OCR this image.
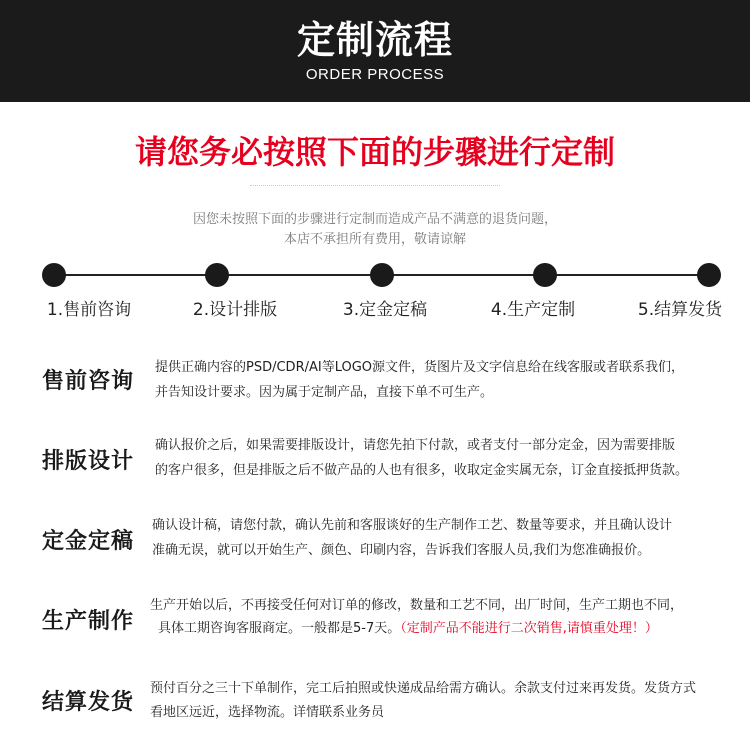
定制流程
ORDER PROCESS
请您务必按照下面的步骤进行定制
因您未按照下面的步骤进行定制而造成产品不满意的退货问题，
本店不承担所有费用，敬请谅解
1.售前咨询	2.设计排版	3.定金定稿	4.生产定制	5.结算发货
售前咨询
提供正确内容的PSD/CDR/AI等LOGO源文件，货图片及文字信息给在线客服或者联系我们，
并告知设计要求。因为属于定制产品，直接下单不可生产。
排版设计
确认报价之后，如果需要排版设计，请您先拍下付款，或者支付一部分定金，因为需要排版
的客户很多，但是排版之后不做产品的人也有很多，收取定金实属无奈，订金直接抵押货款。
定金定稿
确认设计稿，请您付款，确认先前和客服谈好的生产制作工艺、数量等要求，并且确认设计
准确无误，就可以开始生产、颜色、印刷内容，告诉我们客服人员,我们为您准确报价。
生产制作
生产开始以后，不再接受任何对订单的修改，数量和工艺不同，出厂时间，生产工期也不同，
具体工期咨询客服商定。一般都是5-7天。（定制产品不能进行二次销售,请慎重处理！）
结算发货
预付百分之三十下单制作，完工后拍照或快递成品给需方确认。余款支付过来再发货。发货方式
看地区远近，选择物流。详情联系业务员
